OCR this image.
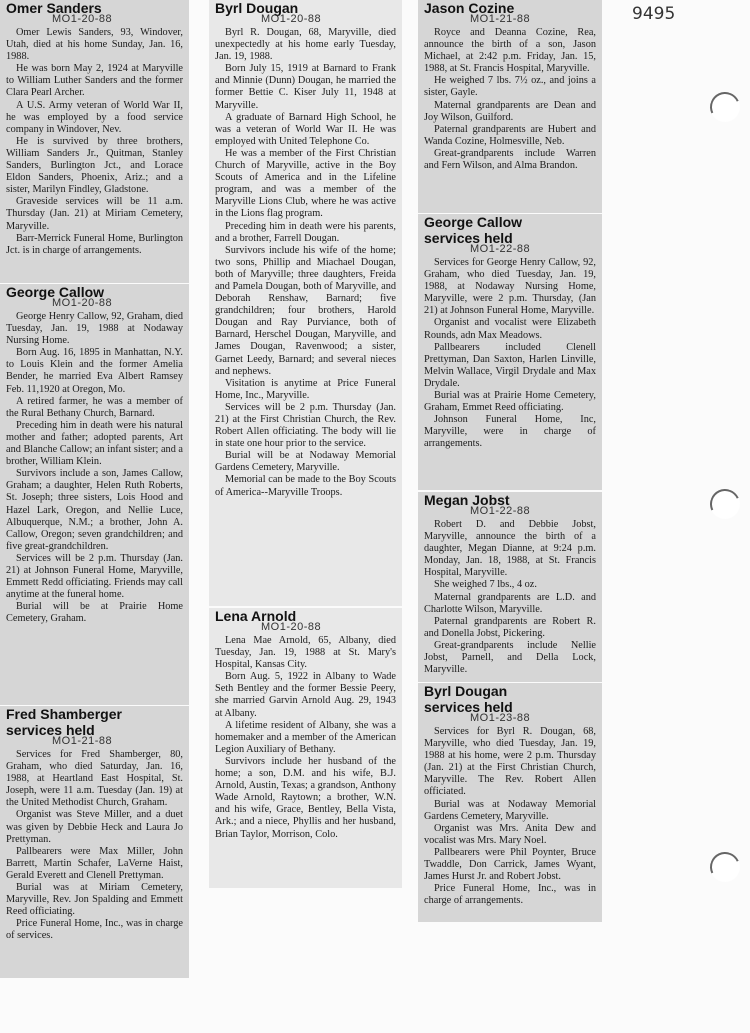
9495
Omer Sanders
MO1-20-88

Omer Lewis Sanders, 93, Windover, Utah, died at his home Sunday, Jan. 16, 1988.

He was born May 2, 1924 at Maryville to William Luther Sanders and the former Clara Pearl Archer.

A U.S. Army veteran of World War II, he was employed by a food service company in Windover, Nev.

He is survived by three brothers, William Sanders Jr., Quitman, Stanley Sanders, Burlington Jct., and Lorace Eldon Sanders, Phoenix, Ariz.; and a sister, Marilyn Findley, Gladstone.

Graveside services will be 11 a.m. Thursday (Jan. 21) at Miriam Cemetery, Maryville.

Barr-Merrick Funeral Home, Burlington Jct. is in charge of arrangements.

George Callow
MO1-20-88

George Henry Callow, 92, Graham, died Tuesday, Jan. 19, 1988 at Nodaway Nursing Home.

Born Aug. 16, 1895 in Manhattan, N.Y. to Louis Klein and the former Amelia Bender, he married Eva Albert Ramsey Feb. 11,1920 at Oregon, Mo.

A retired farmer, he was a member of the Rural Bethany Church, Barnard.

Preceding him in death were his natural mother and father; adopted parents, Art and Blanche Callow; an infant sister; and a brother, William Klein.

Survivors include a son, James Callow, Graham; a daughter, Helen Ruth Roberts, St. Joseph; three sisters, Lois Hood and Hazel Lark, Oregon, and Nellie Luce, Albuquerque, N.M.; a brother, John A. Callow, Oregon; seven grandchildren; and five great-grandchildren.

Services will be 2 p.m. Thursday (Jan. 21) at Johnson Funeral Home, Maryville, Emmett Redd officiating. Friends may call anytime at the funeral home.

Burial will be at Prairie Home Cemetery, Graham.

Fred Shamberger
services held
MO1-21-88

Services for Fred Shamberger, 80, Graham, who died Saturday, Jan. 16, 1988, at Heartland East Hospital, St. Joseph, were 11 a.m. Tuesday (Jan. 19) at the United Methodist Church, Graham.

Organist was Steve Miller, and a duet was given by Debbie Heck and Laura Jo Prettyman.

Pallbearers were Max Miller, John Barrett, Martin Schafer, LaVerne Haist, Gerald Everett and Clenell Prettyman.

Burial was at Miriam Cemetery, Maryville, Rev. Jon Spalding and Emmett Reed officiating.

Price Funeral Home, Inc., was in charge of services.

Byrl Dougan
MO1-20-88

Byrl R. Dougan, 68, Maryville, died unexpectedly at his home early Tuesday, Jan. 19, 1988.

Born July 15, 1919 at Barnard to Frank and Minnie (Dunn) Dougan, he married the former Bettie C. Kiser July 11, 1948 at Maryville.

A graduate of Barnard High School, he was a veteran of World War II. He was employed with United Telephone Co.

He was a member of the First Christian Church of Maryville, active in the Boy Scouts of America and in the Lifeline program, and was a member of the Maryville Lions Club, where he was active in the Lions flag program.

Preceding him in death were his parents, and a brother, Farrell Dougan.

Survivors include his wife of the home; two sons, Phillip and Miachael Dougan, both of Maryville; three daughters, Freida and Pamela Dougan, both of Maryville, and Deborah Renshaw, Barnard; five grandchildren; four brothers, Harold Dougan and Ray Purviance, both of Barnard, Herschel Dougan, Maryville, and James Dougan, Ravenwood; a sister, Garnet Leedy, Barnard; and several nieces and nephews.

Visitation is anytime at Price Funeral Home, Inc., Maryville.

Services will be 2 p.m. Thursday (Jan. 21) at the First Christian Church, the Rev. Robert Allen officiating. The body will lie in state one hour prior to the service.

Burial will be at Nodaway Memorial Gardens Cemetery, Maryville.

Memorial can be made to the Boy Scouts of America--Maryville Troops.

Lena Arnold
MO1-20-88

Lena Mae Arnold, 65, Albany, died Tuesday, Jan. 19, 1988 at St. Mary's Hospital, Kansas City.

Born Aug. 5, 1922 in Albany to Wade Seth Bentley and the former Bessie Peery, she married Garvin Arnold Aug. 29, 1943 at Albany.

A lifetime resident of Albany, she was a homemaker and a member of the American Legion Auxiliary of Bethany.

Survivors include her husband of the home; a son, D.M. and his wife, B.J. Arnold, Austin, Texas; a grandson, Anthony Wade Arnold, Raytown; a brother, W.N. and his wife, Grace, Bentley, Bella Vista, Ark.; and a niece, Phyllis and her husband, Brian Taylor, Morrison, Colo.

Jason Cozine
MO1-21-88

Royce and Deanna Cozine, Rea, announce the birth of a son, Jason Michael, at 2:42 p.m. Friday, Jan. 15, 1988, at St. Francis Hospital, Maryville.

He weighed 7 lbs. 7½ oz., and joins a sister, Gayle.

Maternal grandparents are Dean and Joy Wilson, Guilford.

Paternal grandparents are Hubert and Wanda Cozine, Holmesville, Neb.

Great-grandparents include Warren and Fern Wilson, and Alma Brandon.

George Callow
services held
MO1-22-88

Services for George Henry Callow, 92, Graham, who died Tuesday, Jan. 19, 1988, at Nodaway Nursing Home, Maryville, were 2 p.m. Thursday, (Jan 21) at Johnson Funeral Home, Maryville.

Organist and vocalist were Elizabeth Rounds, adn Max Meadows.

Pallbearers included Clenell Prettyman, Dan Saxton, Harlen Linville, Melvin Wallace, Virgil Drydale and Max Drydale.

Burial was at Prairie Home Cemetery, Graham, Emmet Reed officiating.

Johnson Funeral Home, Inc, Maryville, were in charge of arrangements.

Megan Jobst
MO1-22-88

Robert D. and Debbie Jobst, Maryville, announce the birth of a daughter, Megan Dianne, at 9:24 p.m. Monday, Jan. 18, 1988, at St. Francis Hospital, Maryville.

She weighed 7 lbs., 4 oz.

Maternal grandparents are L.D. and Charlotte Wilson, Maryville.

Paternal grandparents are Robert R. and Donella Jobst, Pickering.

Great-grandparents include Nellie Jobst, Parnell, and Della Lock, Maryville.

Byrl Dougan
services held
MO1-23-88

Services for Byrl R. Dougan, 68, Maryville, who died Tuesday, Jan. 19, 1988 at his home, were 2 p.m. Thursday (Jan. 21) at the First Christian Church, Maryville. The Rev. Robert Allen officiated.

Burial was at Nodaway Memorial Gardens Cemetery, Maryville.

Organist was Mrs. Anita Dew and vocalist was Mrs. Mary Noel.

Pallbearers were Phil Poynter, Bruce Twaddle, Don Carrick, James Wyant, James Hurst Jr. and Robert Jobst.

Price Funeral Home, Inc., was in charge of arrangements.
